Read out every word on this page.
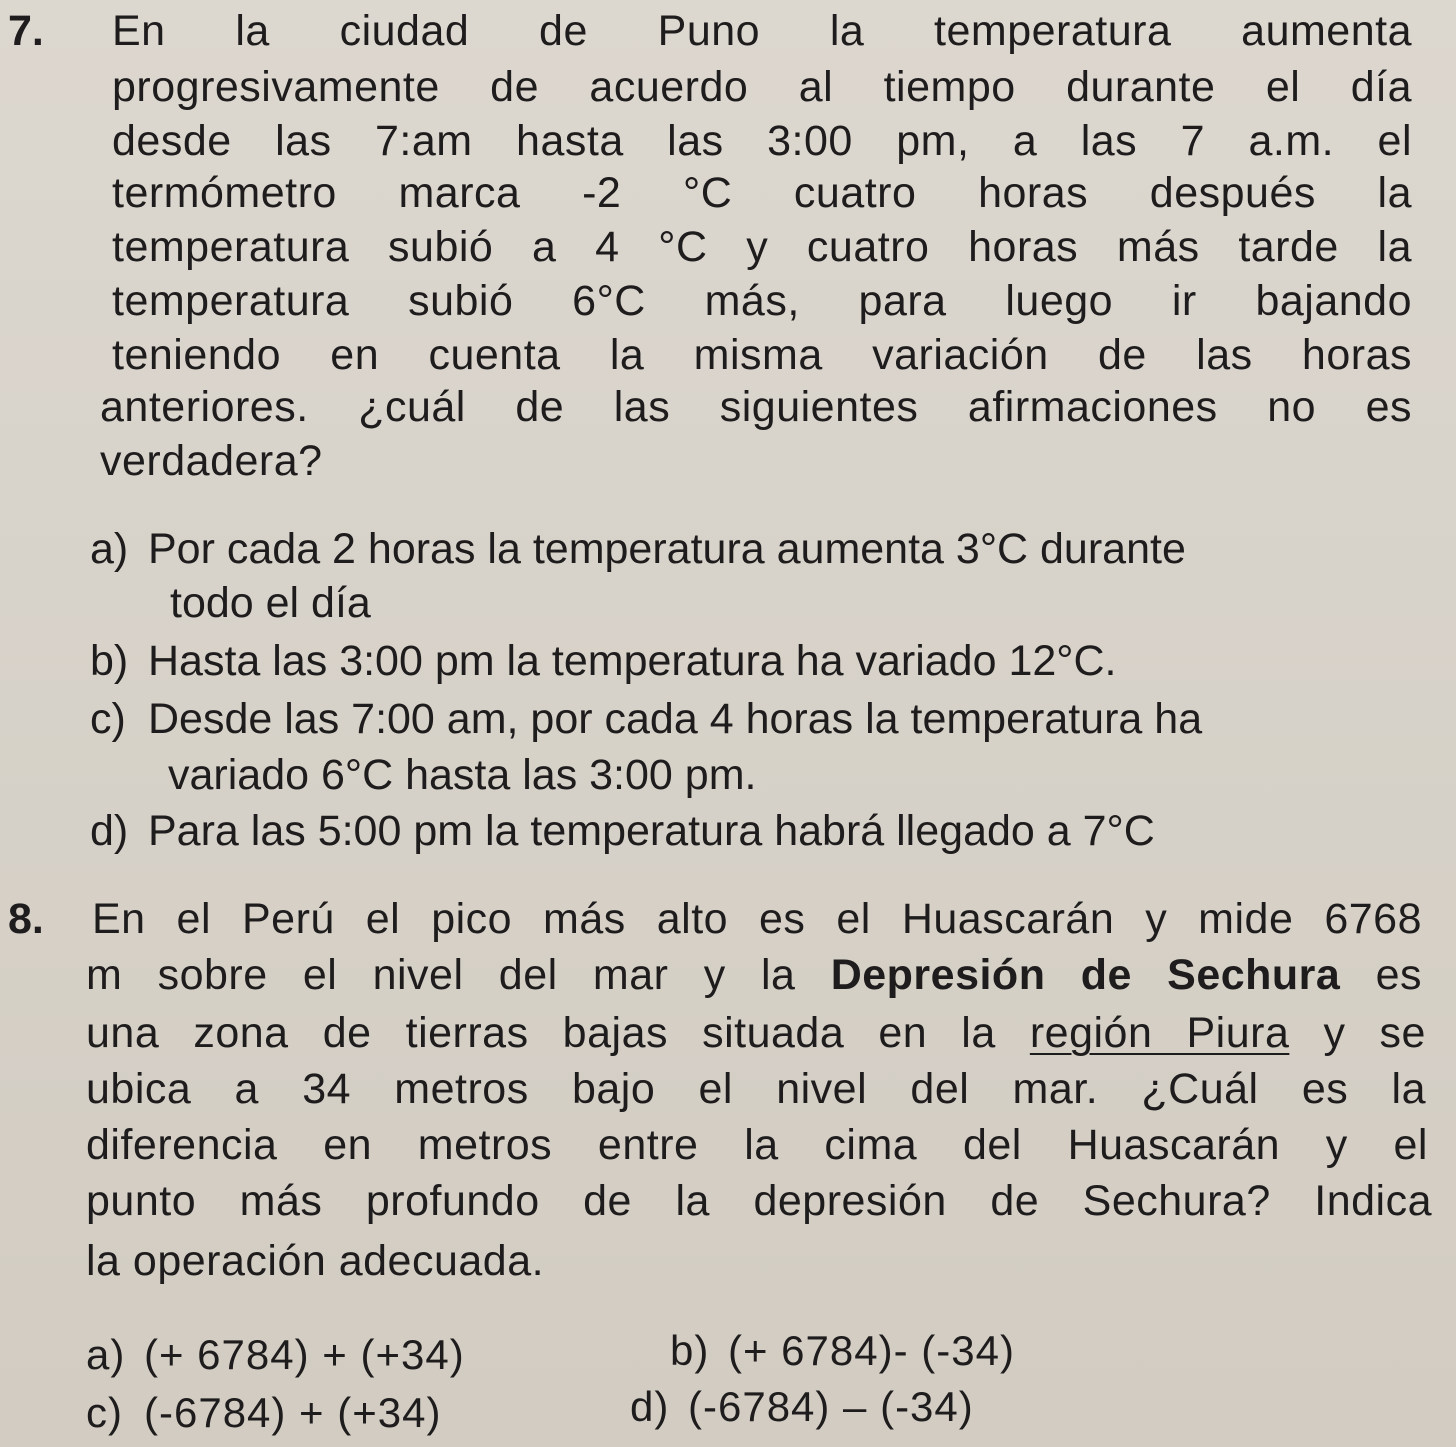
7. En la ciudad de Puno la temperatura aumenta
progresivamente de acuerdo al tiempo durante el día
desde las 7:am hasta las 3:00 pm, a las 7 a.m. el
termómetro marca -2 °C cuatro horas después la
temperatura subió a 4 °C y cuatro horas más tarde la
temperatura subió 6°C más, para luego ir bajando
teniendo en cuenta la misma variación de las horas
anteriores. ¿cuál de las siguientes afirmaciones no es
verdadera?
a) Por cada 2 horas la temperatura aumenta 3°C durante
todo el día
b) Hasta las 3:00 pm la temperatura ha variado 12°C.
c) Desde las 7:00 am, por cada 4 horas la temperatura ha
variado 6°C hasta las 3:00 pm.
d) Para las 5:00 pm la temperatura habrá llegado a 7°C
8. En el Perú el pico más alto es el Huascarán y mide 6768
m sobre el nivel del mar y la Depresión de Sechura es
una zona de tierras bajas situada en la región Piura y se
ubica a 34 metros bajo el nivel del mar. ¿Cuál es la
diferencia en metros entre la cima del Huascarán y el
punto más profundo de la depresión de Sechura? Indica
la operación adecuada.
a) (+ 6784) + (+34)	b) (+ 6784)- (-34)
c) (-6784) + (+34)	d) (-6784) – (-34)
